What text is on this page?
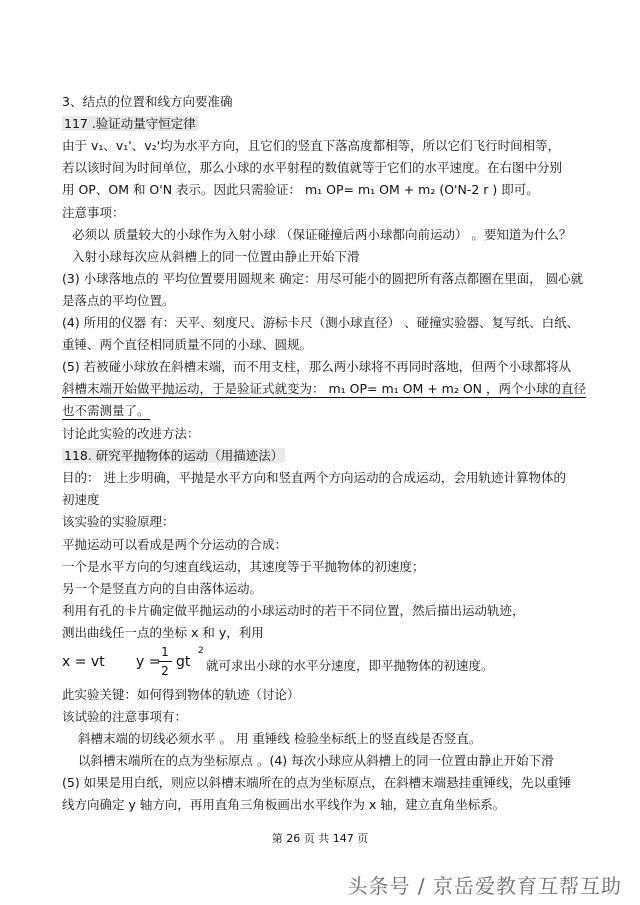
3、结点的位置和线方向要准确
117 .验证动量守恒定律
由于 v₁、v₁'、v₂'均为水平方向，且它们的竖直下落高度都相等，所以它们飞行时间相等，
若以该时间为时间单位，那么小球的水平射程的数值就等于它们的水平速度。在右图中分别
用 OP、OM 和 O'N 表示。因此只需验证： m₁ OP= m₁ OM + m₂ (O'N-2 r ) 即可。
注意事项：
必须以 质量较大的小球作为入射小球 （保证碰撞后两小球都向前运动） 。要知道为什么？
入射小球每次应从斜槽上的同一位置由静止开始下滑
(3) 小球落地点的 平均位置要用圆规来 确定：用尽可能小的圆把所有落点都圈在里面， 圆心就
是落点的平均位置。
(4) 所用的仪器 有：天平、刻度尺、游标卡尺（测小球直径） 、碰撞实验器、复写纸、白纸、
重锤、两个直径相同质量不同的小球、圆规。
(5) 若被碰小球放在斜槽末端，而不用支柱，那么两小球将不再同时落地，但两个小球都将从
斜槽末端开始做平抛运动，于是验证式就变为： m₁ OP= m₁ OM + m₂ ON ，两个小球的直径
也不需测量了。
讨论此实验的改进方法：
118. 研究平抛物体的运动（用描迹法）
目的： 进上步明确，平抛是水平方向和竖直两个方向运动的合成运动，会用轨迹计算物体的
初速度
该实验的实验原理：
平抛运动可以看成是两个分运动的合成：
一个是水平方向的匀速直线运动，其速度等于平抛物体的初速度；
另一个是竖直方向的自由落体运动。
利用有孔的卡片确定做平抛运动的小球运动时的若干不同位置，然后描出运动轨迹，
测出曲线任一点的坐标 x 和 y，利用
x = vt y =
1
2
gt
2
就可求出小球的水平分速度，即平抛物体的初速度。
此实验关键：如何得到物体的轨迹（讨论）
该试验的注意事项有：
斜槽末端的切线必须水平 。 用 重锤线 检验坐标纸上的竖直线是否竖直。
以斜槽末端所在的点为坐标原点 。(4) 每次小球应从斜槽上的同一位置由静止开始下滑
(5) 如果是用白纸，则应以斜槽末端所在的点为坐标原点，在斜槽末端悬挂重锤线，先以重锤
线方向确定 y 轴方向，再用直角三角板画出水平线作为 x 轴，建立直角坐标系。
第 26 页 共 147 页
头条号 / 京岳爱教育互帮互助
